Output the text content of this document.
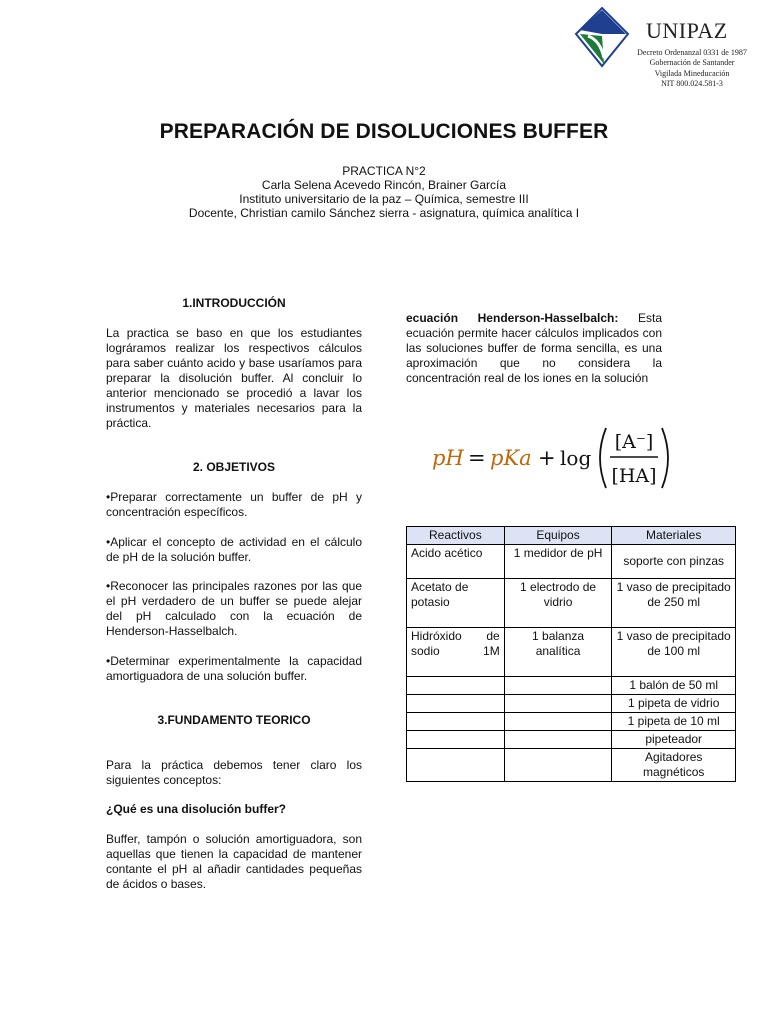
UNIPAZ
Decreto Ordenanzal 0331 de 1987
Gobernación de Santander
Vigilada Mineducación
NIT 800.024.581-3
PREPARACIÓN DE DISOLUCIONES BUFFER
PRACTICA N°2
Carla Selena Acevedo Rincón, Brainer García
Instituto universitario de la paz – Química, semestre III
Docente, Christian camilo Sánchez sierra - asignatura, química analítica I
1.INTRODUCCIÓN
La practica se baso en que los estudiantes lográramos realizar los respectivos cálculos para saber cuánto acido y base usaríamos para preparar la disolución buffer. Al concluir lo anterior mencionado se procedió a lavar los instrumentos y materiales necesarios para la práctica.
2. OBJETIVOS
•Preparar correctamente un buffer de pH y concentración específicos.
•Aplicar el concepto de actividad en el cálculo de pH de la solución buffer.
•Reconocer las principales razones por las que el pH verdadero de un buffer se puede alejar del pH calculado con la ecuación de Henderson-Hasselbalch.
•Determinar experimentalmente la capacidad amortiguadora de una solución buffer.
3.FUNDAMENTO TEORICO
Para la práctica debemos tener claro los siguientes conceptos:
¿Qué es una disolución buffer?
Buffer, tampón o solución amortiguadora, son aquellas que tienen la capacidad de mantener contante el pH al añadir cantidades pequeñas de ácidos o bases.
ecuación Henderson-Hasselbalch: Esta ecuación permite hacer cálculos implicados con las soluciones buffer de forma sencilla, es una aproximación que no considera la concentración real de los iones en la solución
pH = pKa + log
[A⁻]
[HA]
Reactivos	Equipos	Materiales
Acido acético	1 medidor de pH	soporte con pinzas
Acetato de potasio	1 electrodo de vidrio	1 vaso de precipitado de 250 ml
Hidróxido de sodio 1M	1 balanza analítica	1 vaso de precipitado de 100 ml
		1 balón de 50 ml
		1 pipeta de vidrio
		1 pipeta de 10 ml
		pipeteador
		Agitadores magnéticos
